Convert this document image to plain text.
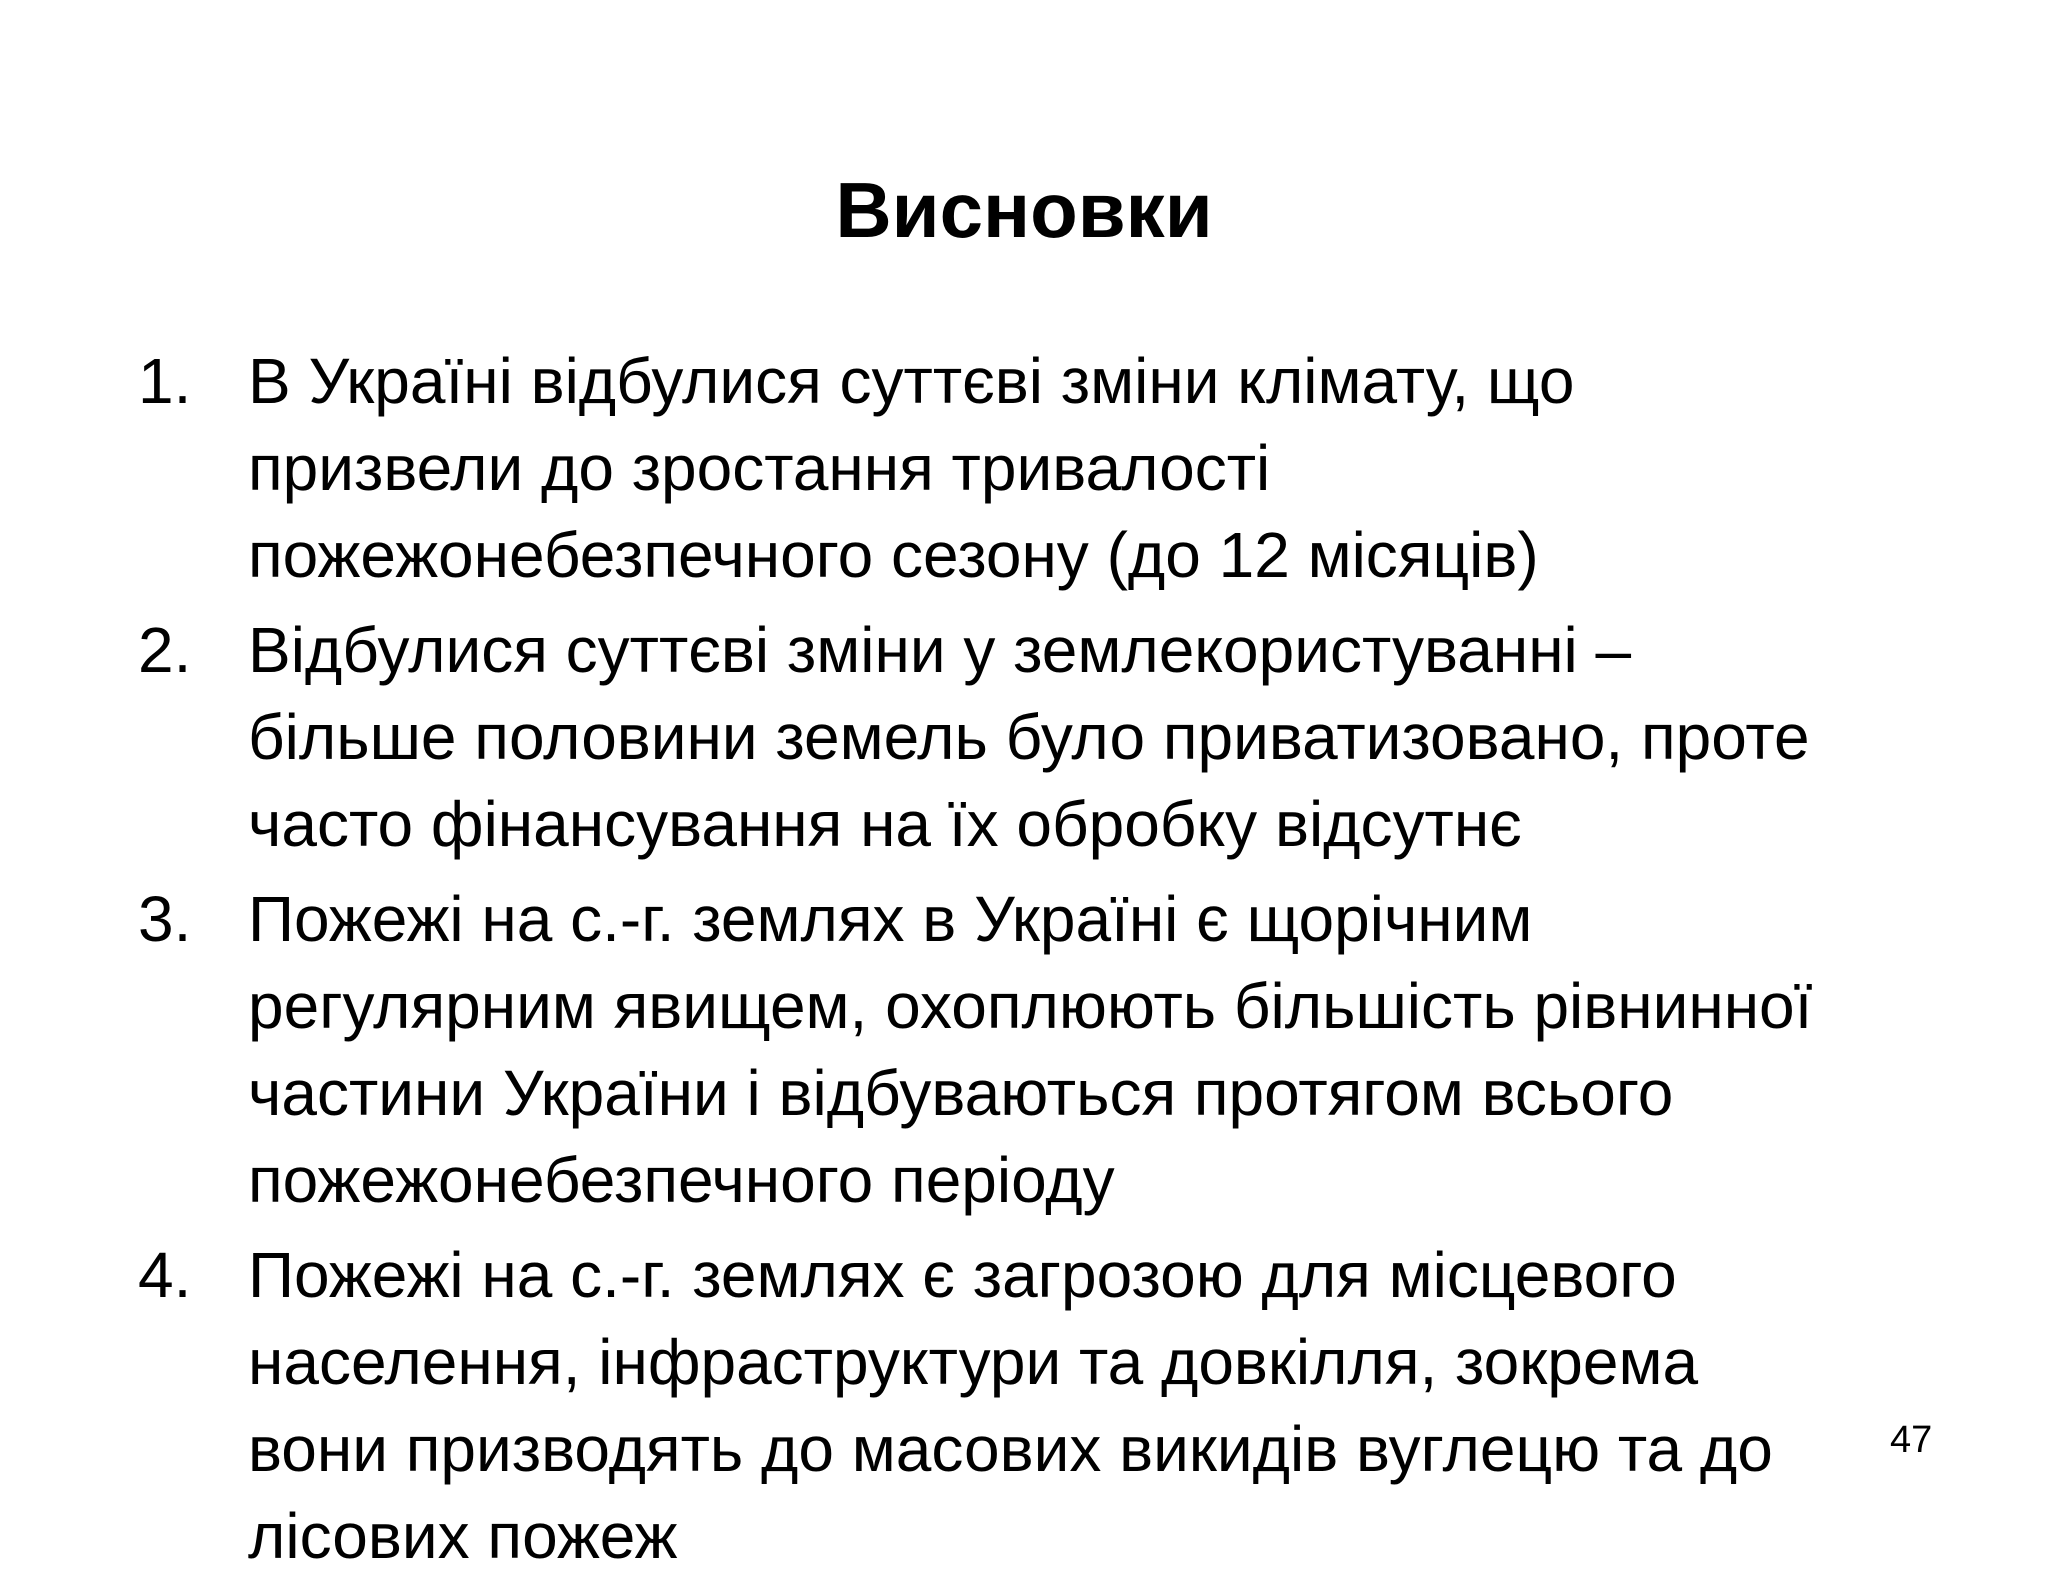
Висновки
1. В Україні відбулися суттєві зміни клімату, що
призвели до зростання тривалості
пожежонебезпечного сезону (до 12 місяців)
2. Відбулися суттєві зміни у землекористуванні –
більше половини земель було приватизовано, проте
часто фінансування на їх обробку відсутнє
3. Пожежі на с.-г. землях в Україні є щорічним
регулярним явищем, охоплюють більшість рівнинної
частини України і відбуваються протягом всього
пожежонебезпечного періоду
4. Пожежі на с.-г. землях є загрозою для місцевого
населення, інфраструктури та довкілля, зокрема
вони призводять до масових викидів вуглецю та до
лісових пожеж
47
